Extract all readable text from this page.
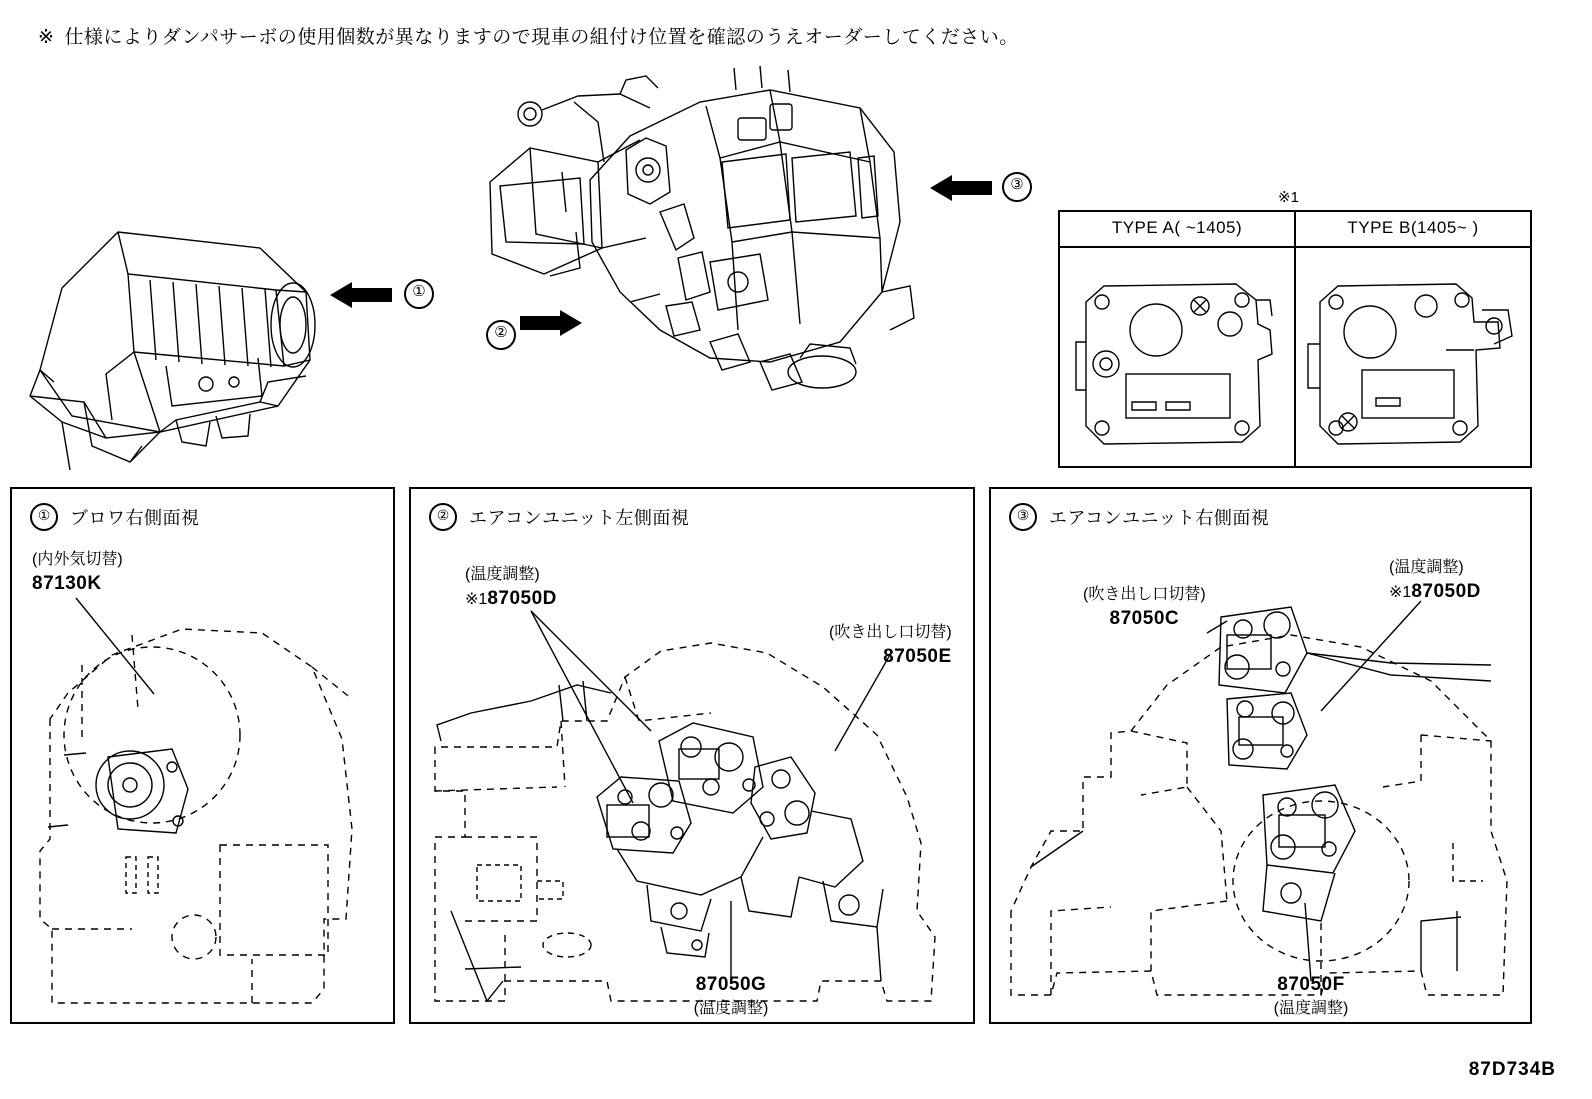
※ 仕様によりダンパサーボの使用個数が異なりますので現車の組付け位置を確認のうえオーダーしてください。
①
③
②
※1
TYPE A( ~1405)	TYPE B(1405~ )
①	ブロワ右側面視
(内外気切替)
87130K
②	エアコンユニット左側面視
(温度調整)
※187050D
(吹き出し口切替)
87050E
87050G
(温度調整)
③	エアコンユニット右側面視
(吹き出し口切替)
87050C
(温度調整)
※187050D
87050F
(温度調整)
87D734B
